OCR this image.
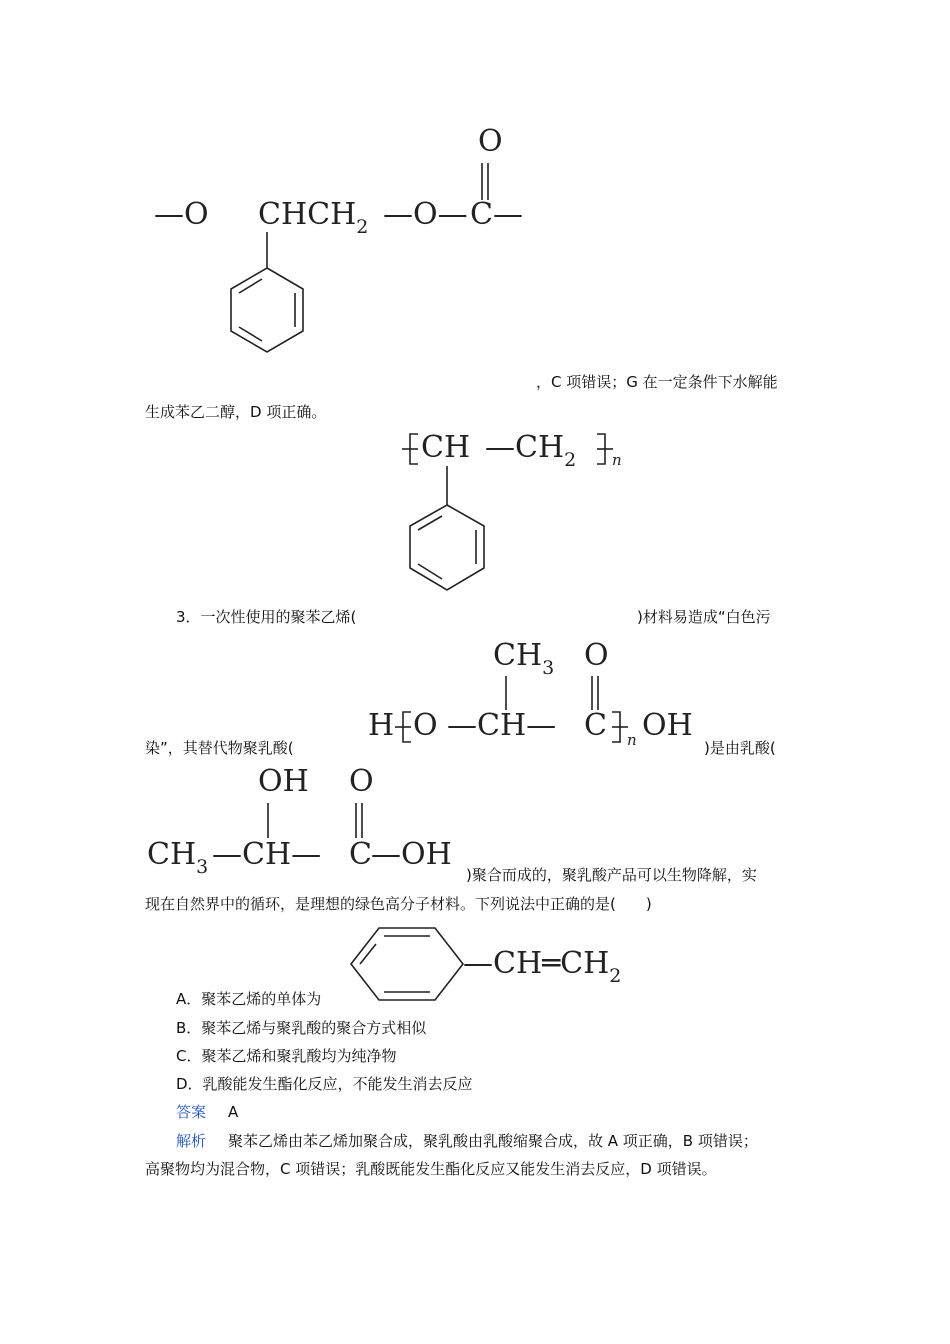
O
—O $CHCH_2$ —O— C—
，C 项错误；G 在一定条件下水解能
生成苯乙二醇，D 项正确。
CH $—CH_2$ n
3．一次性使用的聚苯乙烯(	)材料易造成“白色污
$CH_3$ O
H O —CH— C n OH
染”，其替代物聚乳酸(	)是由乳酸(
OH O
$CH_3$ —CH— C —OH
)聚合而成的，聚乳酸产品可以生物降解，实
现在自然界中的循环，是理想的绿色高分子材料。下列说法中正确的是(　　)
$—CH═CH_2$
A．聚苯乙烯的单体为
B．聚苯乙烯与聚乳酸的聚合方式相似
C．聚苯乙烯和聚乳酸均为纯净物
D．乳酸能发生酯化反应，不能发生消去反应
答案 A
解析 聚苯乙烯由苯乙烯加聚合成，聚乳酸由乳酸缩聚合成，故 A 项正确，B 项错误；
高聚物均为混合物，C 项错误；乳酸既能发生酯化反应又能发生消去反应，D 项错误。
